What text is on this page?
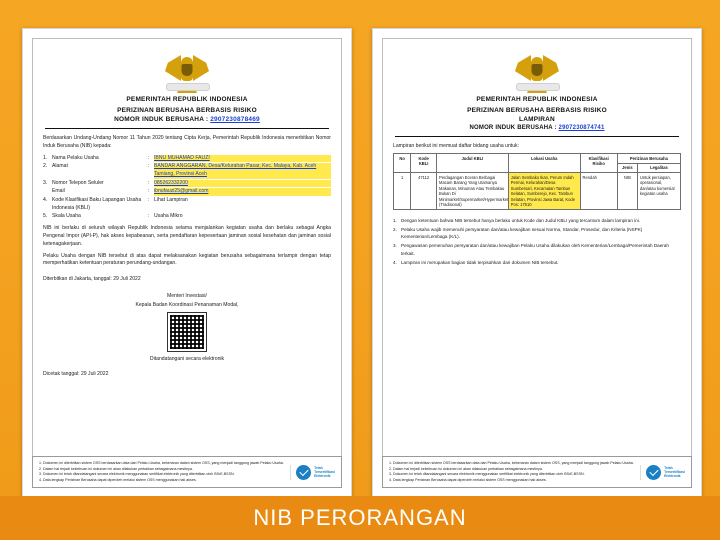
PEMERINTAH REPUBLIK INDONESIA
PERIZINAN BERUSAHA BERBASIS RISIKO
NOMOR INDUK BERUSAHA : 2907230878469
Berdasarkan Undang-Undang Nomor 11 Tahun 2020 tentang Cipta Kerja, Pemerintah Republik Indonesia menerbitkan Nomor Induk Berusaha (NIB) kepada:
1. Nama Pelaku Usaha	: IBNU MUHAMAD FAUZI
2. Alamat	: BANDAR ANGGARAN, Desa/Kelurahan Pasar, Kec. Malaya, Kab. Aceh Tamiang, Provinsi Aceh
3. Nomor Telepon Seluler	: 085262332200
Email	: ibnufauzi25@gmail.com
4. Kode Klasifikasi Baku Lapangan Usaha Indonesia (KBLI)
: Lihat Lampiran
5. Skala Usaha	: Usaha Mikro
NIB ini berlaku di seluruh wilayah Republik Indonesia selama menjalankan kegiatan usaha dan berlaku sebagai Angka Pengenal Impor (API-P), hak akses kepabeanan, serta pendaftaran kepesertaan jaminan sosial kesehatan dan jaminan sosial ketenagakerjaan.
Pelaku Usaha dengan NIB tersebut di atas dapat melaksanakan kegiatan berusaha sebagaimana terlampir dengan tetap memperhatikan ketentuan peraturan perundang-undangan.
Diterbitkan di Jakarta, tanggal: 29 Juli 2022
Menteri Investasi/
Kepala Badan Koordinasi Penanaman Modal,
Ditandatangani secara elektronik
Dicetak tanggal: 29 Juli 2022
1. Dokumen ini diterbitkan sistem OSS berdasarkan data dari Pelaku Usaha, kebenaran dalam sistem OSS, yang menjadi tanggung jawab Pelaku Usaha.
2. Dalam hal terjadi kekeliruan isi dokumen ini akan dilakukan perbaikan sebagaimana mestinya.
3. Dokumen ini telah ditandatangani secara elektronik menggunakan sertifikat elektronik yang diterbitkan oleh BSrE-BSSN.
4. Data lengkap Perizinan Berusaha dapat diperoleh melalui sistem OSS menggunakan hak akses.
Telah
Tersertifikasi
Elektronik
PEMERINTAH REPUBLIK INDONESIA
PERIZINAN BERUSAHA BERBASIS RISIKO
LAMPIRAN
NOMOR INDUK BERUSAHA : 2907230874741
Lampiran berikut ini memuat daftar bidang usaha untuk:
No	Kode KBLI	Judul KBLI	Lokasi Usaha	Klasifikasi Risiko	Perizinan Berusaha	
					Jenis	Legalitas
1	47112	Perdagangan Eceran Berbagai Macam Barang Yang Utamanya Makanan, Minuman Atau Tembakau Bukan Di Minimarket/Supermarket/Hypermarket (Tradisional)	Jalan Sembako Ikan, Perum Indah Permai, Kelurahan/Desa Sumbersari, Kecamatan Tambun Selatan, Sumberejo, Kec. Tambun Selatan, Provinsi Jawa Barat, Kode Pos: 17510	Rendah	NIB	Untuk persiapan, operasional, dan/atau komersial kegiatan usaha
1. Dengan ketentuan bahwa NIB tersebut hanya berlaku untuk Kode dan Judul KBLI yang tercantum dalam lampiran ini.
2. Pelaku Usaha wajib memenuhi persyaratan dan/atau kewajiban sesuai Norma, Standar, Prosedur, dan Kriteria (NSPK) Kementerian/Lembaga (K/L).
3. Pengawasan pemenuhan persyaratan dan/atau kewajiban Pelaku Usaha dilakukan oleh Kementerian/Lembaga/Pemerintah Daerah terkait.
4. Lampiran ini merupakan bagian tidak terpisahkan dari dokumen NIB tersebut.
1. Dokumen ini diterbitkan sistem OSS berdasarkan data dari Pelaku Usaha, kebenaran dalam sistem OSS, yang menjadi tanggung jawab Pelaku Usaha.
2. Dalam hal terjadi kekeliruan isi dokumen ini akan dilakukan perbaikan sebagaimana mestinya.
3. Dokumen ini telah ditandatangani secara elektronik menggunakan sertifikat elektronik yang diterbitkan oleh BSrE-BSSN.
4. Data lengkap Perizinan Berusaha dapat diperoleh melalui sistem OSS menggunakan hak akses.
Telah
Tersertifikasi
Elektronik
NIB PERORANGAN
